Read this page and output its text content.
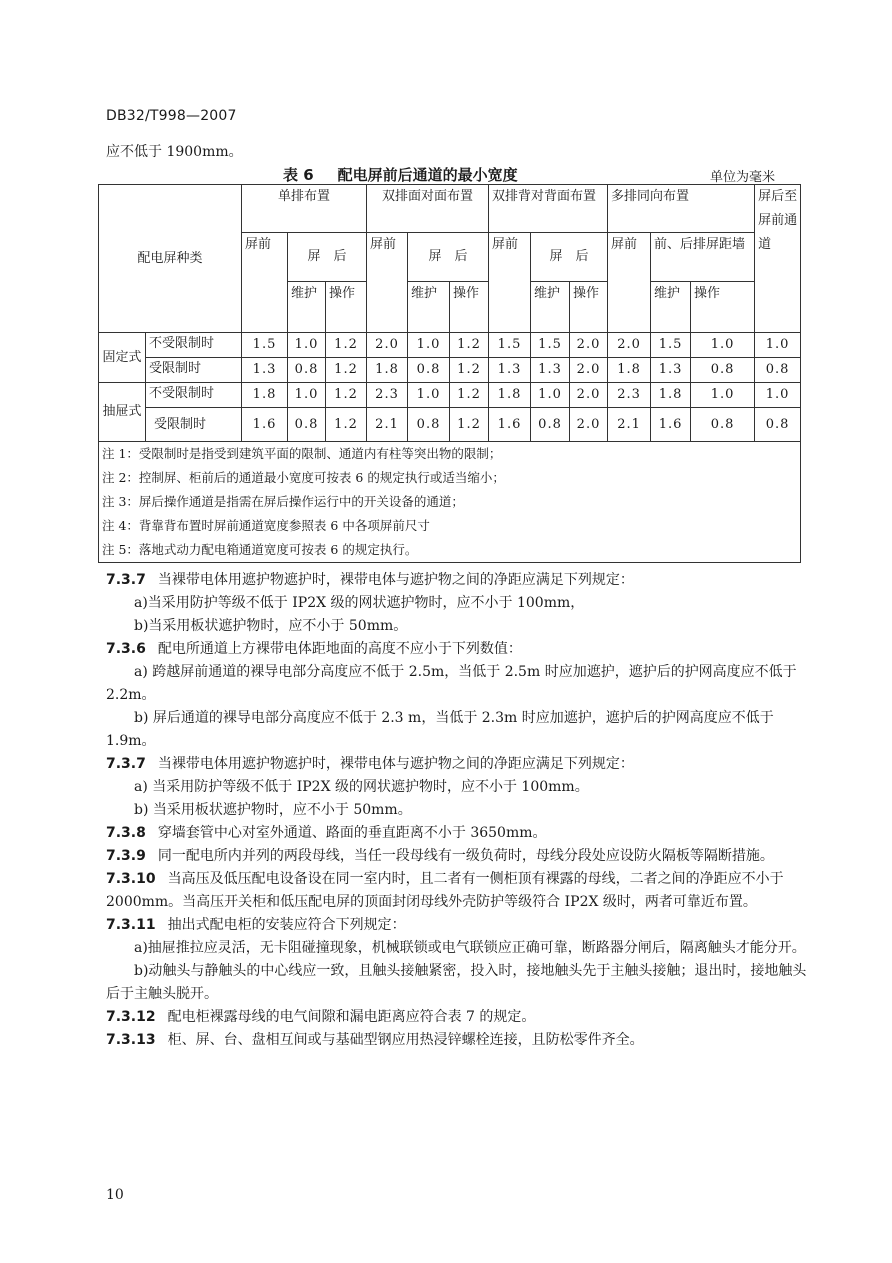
DB32/T998—2007
应不低于 1900mm。
表 6 配电屏前后通道的最小宽度	单位为毫米
配电屏种类		单排布置			双排面对面布置			双排背对背面布置			多排同向布置			屏后至屏前通道
		屏前	屏　后		屏前	屏　后		屏前	屏　后		屏前	前、后排屏距墙		
			维护	操作		维护	操作		维护	操作		维护	操作	
固定式	不受限制时	1.5	1.0	1.2	2.0	1.0	1.2	1.5	1.5	2.0	2.0	1.5	1.0	1.0
	受限制时	1.3	0.8	1.2	1.8	0.8	1.2	1.3	1.3	2.0	1.8	1.3	0.8	0.8
抽屉式	不受限制时	1.8	1.0	1.2	2.3	1.0	1.2	1.8	1.0	2.0	2.3	1.8	1.0	1.0
	受限制时	1.6	0.8	1.2	2.1	0.8	1.2	1.6	0.8	2.0	2.1	1.6	0.8	0.8
注 1：受限制时是指受到建筑平面的限制、通道内有柱等突出物的限制；														
注 2：控制屏、柜前后的通道最小宽度可按表 6 的规定执行或适当缩小；														
注 3：屏后操作通道是指需在屏后操作运行中的开关设备的通道；														
注 4：背靠背布置时屏前通道宽度参照表 6 中各项屏前尺寸														
注 5：落地式动力配电箱通道宽度可按表 6 的规定执行。														

7.3.7 当裸带电体用遮护物遮护时，裸带电体与遮护物之间的净距应满足下列规定：

a)当采用防护等级不低于 IP2X 级的网状遮护物时，应不小于 100mm，

b)当采用板状遮护物时，应不小于 50mm。

7.3.6 配电所通道上方裸带电体距地面的高度不应小于下列数值：

a) 跨越屏前通道的裸导电部分高度应不低于 2.5m，当低于 2.5m 时应加遮护，遮护后的护网高度应不低于 2.2m。

b) 屏后通道的裸导电部分高度应不低于 2.3 m，当低于 2.3m 时应加遮护，遮护后的护网高度应不低于 1.9m。

7.3.7 当裸带电体用遮护物遮护时，裸带电体与遮护物之间的净距应满足下列规定：

a) 当采用防护等级不低于 IP2X 级的网状遮护物时，应不小于 100mm。

b) 当采用板状遮护物时，应不小于 50mm。

7.3.8 穿墙套管中心对室外通道、路面的垂直距离不小于 3650mm。

7.3.9 同一配电所内并列的两段母线，当任一段母线有一级负荷时，母线分段处应设防火隔板等隔断措施。

7.3.10 当高压及低压配电设备设在同一室内时，且二者有一侧柜顶有裸露的母线，二者之间的净距应不小于 2000mm。当高压开关柜和低压配电屏的顶面封闭母线外壳防护等级符合 IP2X 级时，两者可靠近布置。

7.3.11 抽出式配电柜的安装应符合下列规定：

a)抽屉推拉应灵活，无卡阻碰撞现象，机械联锁或电气联锁应正确可靠，断路器分闸后，隔离触头才能分开。

b)动触头与静触头的中心线应一致，且触头接触紧密，投入时，接地触头先于主触头接触；退出时，接地触头后于主触头脱开。

7.3.12 配电柜裸露母线的电气间隙和漏电距离应符合表 7 的规定。

7.3.13 柜、屏、台、盘相互间或与基础型钢应用热浸锌螺栓连接，且防松零件齐全。

10
